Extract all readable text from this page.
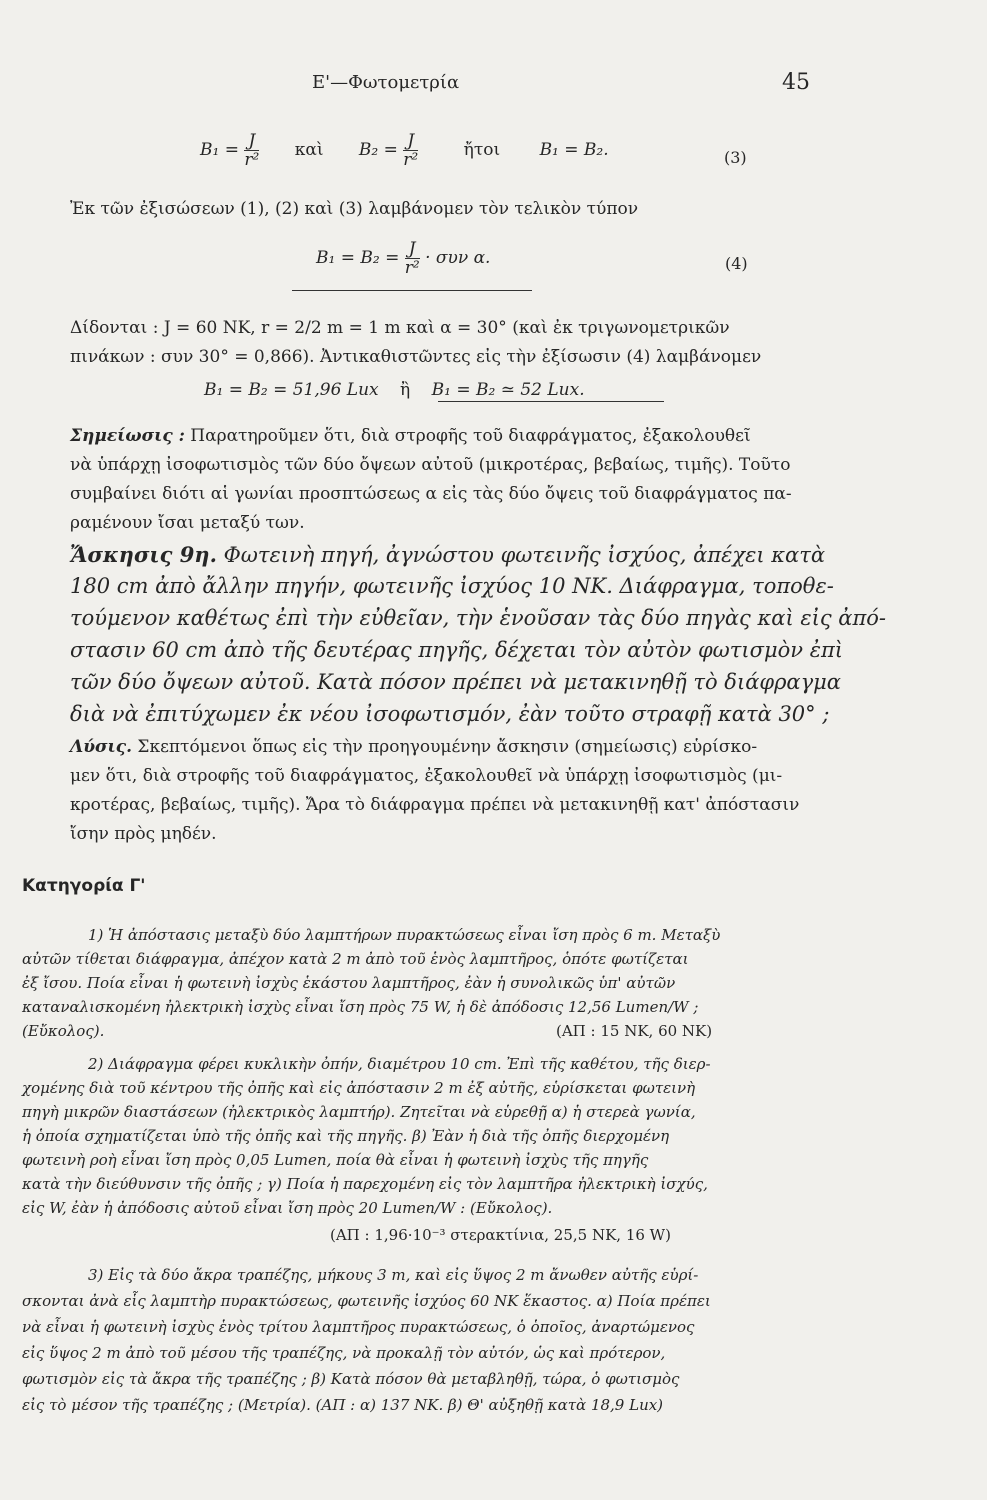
Ε'—Φωτομετρία	45
$B_1 = \frac{J}{\text{r²}}$ καὶ $B_2 = \frac{J}{\text{r²}}$	ἤτοι B₁ = B₂.	(3)
Ἐκ τῶν ἐξισώσεων (1), (2) καὶ (3) λαμβάνομεν τὸν τελικὸν τύπον
$B_1 = B_2 = \frac{J}{\text{r²}} \cdot \sigma\upsilon\nu$ α.	(4)
Δίδονται : J = 60 ΝΚ, r = 2/2 m = 1 m καὶ α = 30° (καὶ ἐκ τριγωνομετρικῶν
πινάκων : συν 30° = 0,866). Ἀντικαθιστῶντες εἰς τὴν ἐξίσωσιν (4) λαμβάνομεν
B₁ = B₂ = 51,96 Lux ἢ B₁ = B₂ ≃ 52 Lux.
Σημείωσις : Παρατηροῦμεν ὅτι, διὰ στροφῆς τοῦ διαφράγματος, ἐξακολουθεῖ
νὰ ὑπάρχῃ ἰσοφωτισμὸς τῶν δύο ὄψεων αὐτοῦ (μικροτέρας, βεβαίως, τιμῆς). Τοῦτο
συμβαίνει διότι αἱ γωνίαι προσπτώσεως α εἰς τὰς δύο ὄψεις τοῦ διαφράγματος πα-
ραμένουν ἴσαι μεταξύ των.
Ἄσκησις 9η. Φωτεινὴ πηγή, ἀγνώστου φωτεινῆς ἰσχύος, ἀπέχει κατὰ
180 cm ἀπὸ ἄλλην πηγήν, φωτεινῆς ἰσχύος 10 ΝΚ. Διάφραγμα, τοποθε-
τούμενον καθέτως ἐπὶ τὴν εὐθεῖαν, τὴν ἑνοῦσαν τὰς δύο πηγὰς καὶ εἰς ἀπό-
στασιν 60 cm ἀπὸ τῆς δευτέρας πηγῆς, δέχεται τὸν αὐτὸν φωτισμὸν ἐπὶ
τῶν δύο ὄψεων αὐτοῦ. Κατὰ πόσον πρέπει νὰ μετακινηθῇ τὸ διάφραγμα
διὰ νὰ ἐπιτύχωμεν ἐκ νέου ἰσοφωτισμόν, ἐὰν τοῦτο στραφῇ κατὰ 30° ;
Λύσις. Σκεπτόμενοι ὅπως εἰς τὴν προηγουμένην ἄσκησιν (σημείωσις) εὑρίσκο-
μεν ὅτι, διὰ στροφῆς τοῦ διαφράγματος, ἐξακολουθεῖ νὰ ὑπάρχῃ ἰσοφωτισμὸς (μι-
κροτέρας, βεβαίως, τιμῆς). Ἄρα τὸ διάφραγμα πρέπει νὰ μετακινηθῇ κατ' ἀπόστασιν
ἴσην πρὸς μηδέν.
Κατηγορία Γ'
1) Ἡ ἀπόστασις μεταξὺ δύο λαμπτήρων πυρακτώσεως εἶναι ἴση πρὸς 6 m. Μεταξὺ
αὐτῶν τίθεται διάφραγμα, ἀπέχον κατὰ 2 m ἀπὸ τοῦ ἑνὸς λαμπτῆρος, ὁπότε φωτίζεται
ἐξ ἴσου. Ποία εἶναι ἡ φωτεινὴ ἰσχὺς ἑκάστου λαμπτῆρος, ἐὰν ἡ συνολικῶς ὑπ' αὐτῶν
καταναλισκομένη ἠλεκτρικὴ ἰσχὺς εἶναι ἴση πρὸς 75 W, ἡ δὲ ἀπόδοσις 12,56 Lumen/W ;
(Εὔκολος).	(ΑΠ : 15 ΝΚ, 60 ΝΚ)
2) Διάφραγμα φέρει κυκλικὴν ὀπήν, διαμέτρου 10 cm. Ἐπὶ τῆς καθέτου, τῆς διερ-
χομένης διὰ τοῦ κέντρου τῆς ὀπῆς καὶ εἰς ἀπόστασιν 2 m ἐξ αὐτῆς, εὑρίσκεται φωτεινὴ
πηγὴ μικρῶν διαστάσεων (ἠλεκτρικὸς λαμπτήρ). Ζητεῖται νὰ εὑρεθῇ α) ἡ στερεὰ γωνία,
ἡ ὁποία σχηματίζεται ὑπὸ τῆς ὀπῆς καὶ τῆς πηγῆς. β) Ἐὰν ἡ διὰ τῆς ὀπῆς διερχομένη
φωτεινὴ ροὴ εἶναι ἴση πρὸς 0,05 Lumen, ποία θὰ εἶναι ἡ φωτεινὴ ἰσχὺς τῆς πηγῆς
κατὰ τὴν διεύθυνσιν τῆς ὀπῆς ; γ) Ποία ἡ παρεχομένη εἰς τὸν λαμπτῆρα ἠλεκτρικὴ ἰσχύς,
εἰς W, ἐὰν ἡ ἀπόδοσις αὐτοῦ εἶναι ἴση πρὸς 20 Lumen/W : (Εὔκολος).
(ΑΠ : 1,96·10⁻³ στερακτίνια, 25,5 ΝΚ, 16 W)
3) Εἰς τὰ δύο ἄκρα τραπέζης, μήκους 3 m, καὶ εἰς ὕψος 2 m ἄνωθεν αὐτῆς εὑρί-
σκονται ἀνὰ εἷς λαμπτὴρ πυρακτώσεως, φωτεινῆς ἰσχύος 60 ΝΚ ἕκαστος. α) Ποία πρέπει
νὰ εἶναι ἡ φωτεινὴ ἰσχὺς ἑνὸς τρίτου λαμπτῆρος πυρακτώσεως, ὁ ὁποῖος, ἀναρτώμενος
εἰς ὕψος 2 m ἀπὸ τοῦ μέσου τῆς τραπέζης, νὰ προκαλῇ τὸν αὐτόν, ὡς καὶ πρότερον,
φωτισμὸν εἰς τὰ ἄκρα τῆς τραπέζης ; β) Κατὰ πόσον θὰ μεταβληθῇ, τώρα, ὁ φωτισμὸς
εἰς τὸ μέσον τῆς τραπέζης ; (Μετρία). (ΑΠ : α) 137 ΝΚ. β) Θ' αὐξηθῇ κατὰ 18,9 Lux)
